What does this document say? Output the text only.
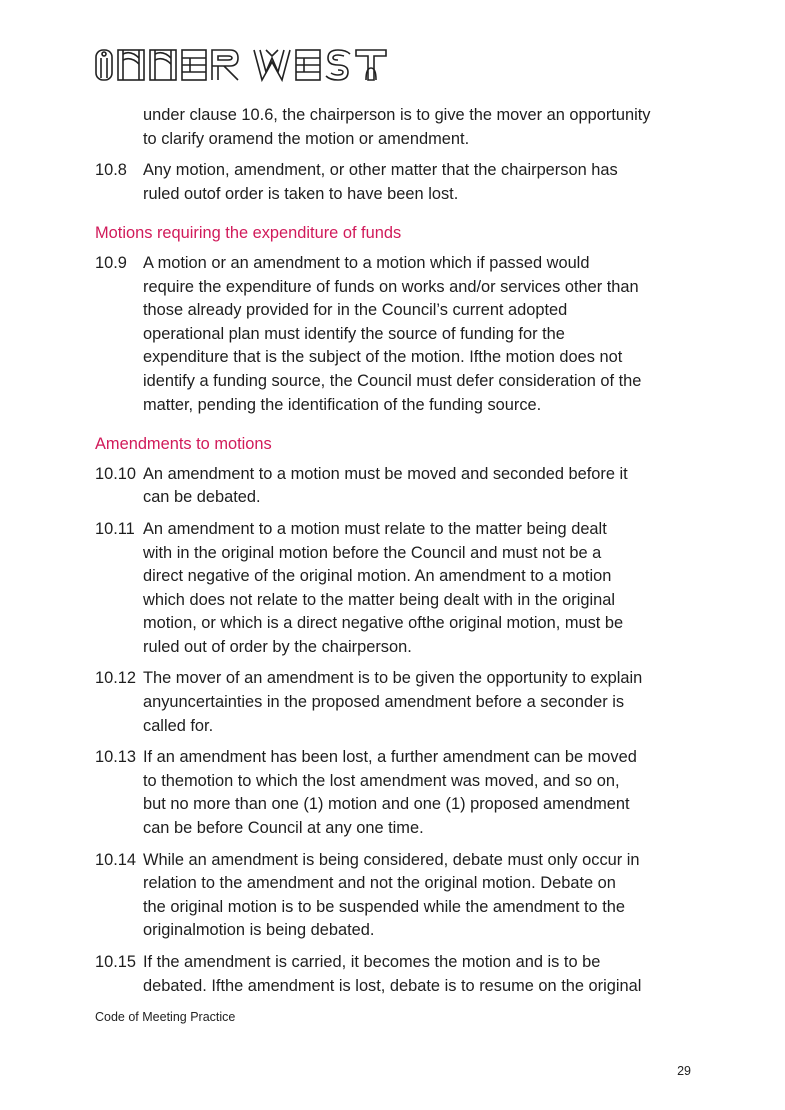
under clause 10.6, the chairperson is to give the mover an opportunity
to clarify oramend the motion or amendment.
10.8 Any motion, amendment, or other matter that the chairperson has
ruled outof order is taken to have been lost.
Motions requiring the expenditure of funds
10.9 A motion or an amendment to a motion which if passed would
require the expenditure of funds on works and/or services other than
those already provided for in the Council’s current adopted
operational plan must identify the source of funding for the
expenditure that is the subject of the motion. Ifthe motion does not
identify a funding source, the Council must defer consideration of the
matter, pending the identification of the funding source.
Amendments to motions
10.10 An amendment to a motion must be moved and seconded before it
can be debated.
10.11 An amendment to a motion must relate to the matter being dealt
with in the original motion before the Council and must not be a
direct negative of the original motion. An amendment to a motion
which does not relate to the matter being dealt with in the original
motion, or which is a direct negative ofthe original motion, must be
ruled out of order by the chairperson.
10.12 The mover of an amendment is to be given the opportunity to explain
anyuncertainties in the proposed amendment before a seconder is
called for.
10.13 If an amendment has been lost, a further amendment can be moved
to themotion to which the lost amendment was moved, and so on,
but no more than one (1) motion and one (1) proposed amendment
can be before Council at any one time.
10.14 While an amendment is being considered, debate must only occur in
relation to the amendment and not the original motion. Debate on
the original motion is to be suspended while the amendment to the
originalmotion is being debated.
10.15 If the amendment is carried, it becomes the motion and is to be
debated. Ifthe amendment is lost, debate is to resume on the original
Code of Meeting Practice
29
